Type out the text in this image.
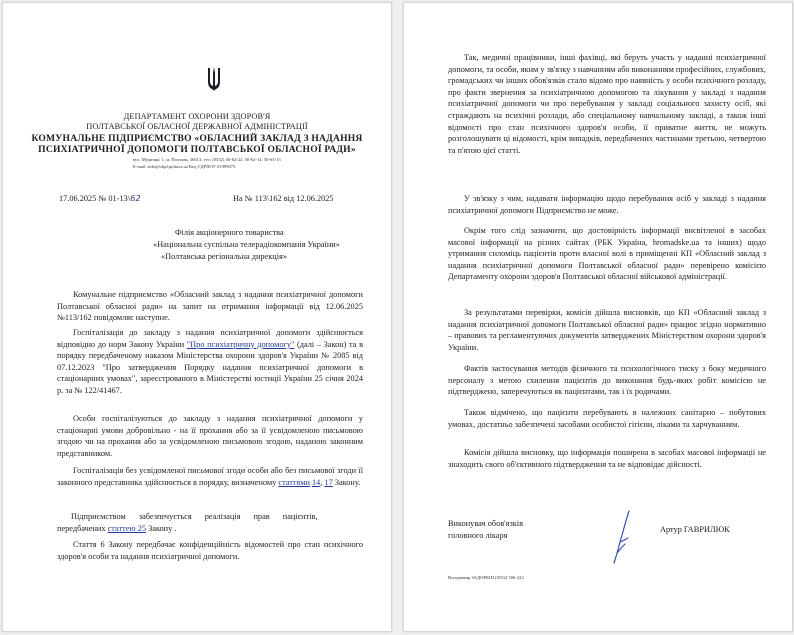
ДЕПАРТАМЕНТ ОХОРОНИ ЗДОРОВ'Я
ПОЛТАВСЬКОЇ ОБЛАСНОЇ ДЕРЖАВНОЇ АДМІНІСТРАЦІЇ
КОМУНАЛЬНЕ ПІДПРИЄМСТВО «ОБЛАСНИЙ ЗАКЛАД З НАДАННЯ
ПСИХІАТРИЧНОЇ ДОПОМОГИ ПОЛТАВСЬКОЇ ОБЛАСНОЇ РАДИ»
вул. Медична, 1, м. Полтава, 36013, тел. (0532) 50-62-22, 50-62-14, 50-63-13
E-mail: info@okpl.poltava.ua Код ЄДРПОУ 01999075
17.06.2025 № 01-13\62	На № 113\162 від 12.06.2025
Філія акціонерного товариства
«Національна суспільна телерадіокомпанія України»
«Полтавська регіональна дирекція»
Комунальне підприємство «Обласний заклад з надання психіатричної допомоги Полтавської обласної ради» на запит на отримання інформації від 12.06.2025 №113/162 повідомляє наступне.
Госпіталізація до закладу з надання психіатричної допомоги здійснюється відповідно до норм Закону України "Про психіатричну допомогу" (далі – Закон) та в порядку передбаченому наказом Міністерства охорони здоров'я України № 2085 від 07.12.2023 "Про затвердження Порядку надання психіатричної допомоги в стаціонарних умовах", зареєстрованого в Міністерстві юстиції України 25 січня 2024 р. за № 122/41467.
Особи госпіталізуються до закладу з надання психіатричної допомоги у стаціонарні умови добровільно - на її прохання або за її усвідомленою письмовою згодою чи на прохання або за усвідомленою письмовою згодою, наданою законним представником.
Госпіталізація без усвідомленої письмової згоди особи або без письмової згоди її законного представника здійснюється в порядку, визначеному статтями 14, 17 Закону.
Підприємством забезпечується реалізація прав пацієнтів,
передбачених статтею 25 Закону .
Стаття 6 Закону передбачає конфіденційність відомостей про стан психічного здоров'я особи та надання психіатричної допомоги.
Так, медичні працівники, інші фахівці, які беруть участь у наданні психіатричної допомоги, та особи, яким у зв'язку з навчанням або виконанням професійних, службових, громадських чи інших обов'язків стало відомо про наявність у особи психічного розладу, про факти звернення за психіатричною допомогою та лікування у закладі з надання психіатричної допомоги чи про перебування у закладі соціального захисту осіб, які страждають на психічні розлади, або спеціальному навчальному закладі, а також інші відомості про стан психічного здоров'я особи, її приватне життя, не можуть розголошувати ці відомості, крім випадків, передбачених частинами третьою, четвертою та п'ятою цієї статті.
У зв'язку з чим, надавати інформацію щодо перебування осіб у закладі з надання психіатричної допомоги Підприємство не може.
Окрім того слід зазначити, що достовірність інформації висвітленої в засобах масової інформації на різних сайтах (РБК Україна, hromadske.ua та інших) щодо утримання силоміць пацієнтів проти власної волі в приміщенні КП «Обласний заклад з надання психіатричної допомоги Полтавської обласної ради» перевірено комісією Департаменту охорони здоров'я Полтавської обласної військової адміністрації.
За результатами перевірки, комісія дійшла висновків, що КП «Обласний заклад з надання психіатричної допомоги Полтавської обласної ради» працює згідно нормативно – правових та регламентуючих документів затверджених Міністерством охорони здоров'я України.
Фактів застосування методів фізичного та психологічного тиску з боку медичного персоналу з метою схилення пацієнтів до виконання будь-яких робіт комісією не підтверджено, заперечуються як пацієнтами, так і їх родичами.
Також відмічено, що пацієнти перебувають в належних санітарно – побутових умовах, достатньо забезпечені засобами особистої гігієни, ліками та харчуванням.
Комісія дійшла висновку, що інформація поширена в засобах масової інформації не знаходить свого об'єктивного підтвердження та не відповідає дійсності.
Виконувач обов'язків
головного лікаря
Артур ГАВРИЛЮК
Володимир ЗАДОРКІН (0532) 506-222
